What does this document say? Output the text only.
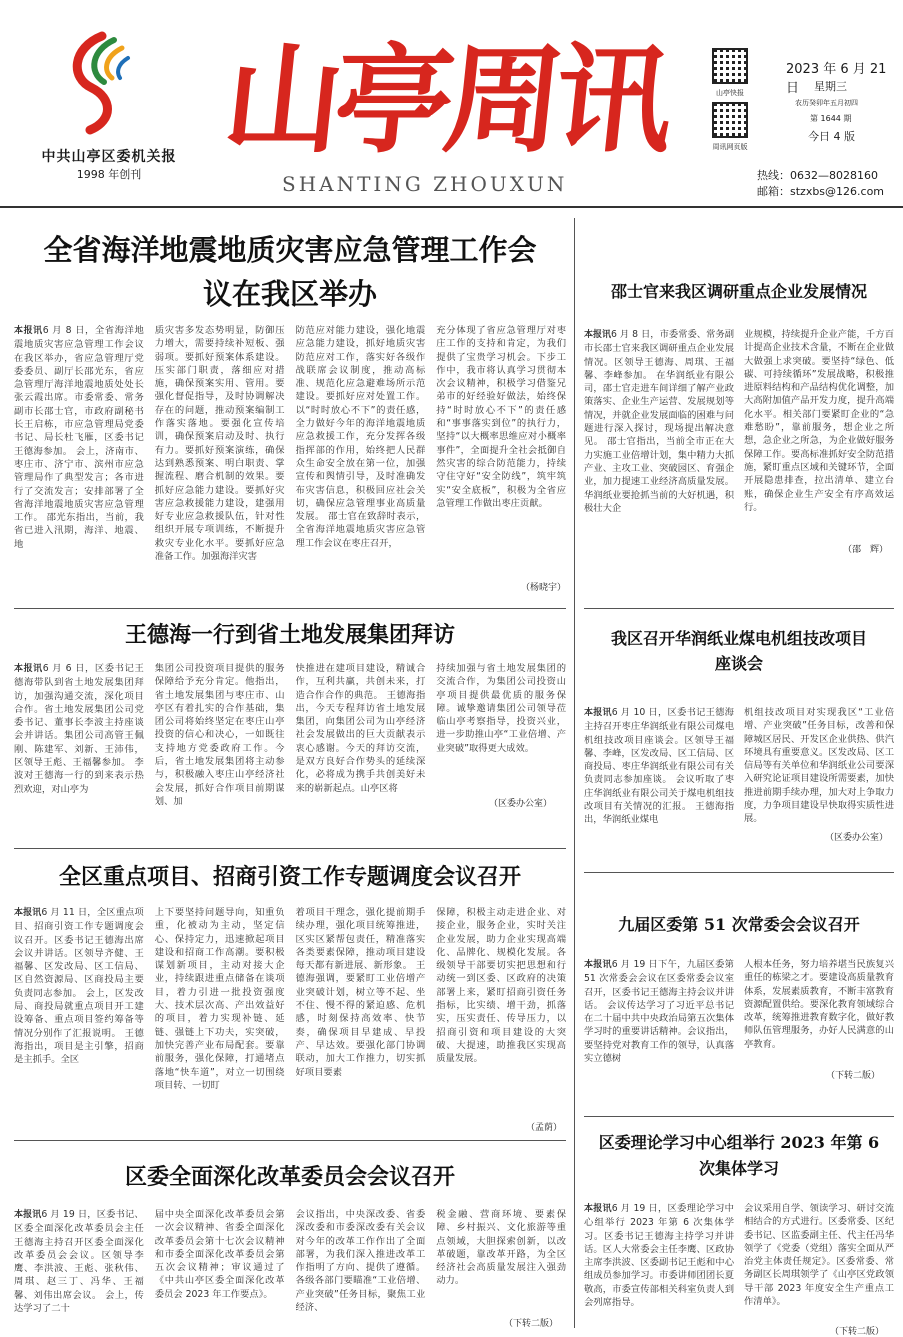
中共山亭区委机关报
1998 年创刊
山亭周讯
SHANTING ZHOUXUN
山亭快报
周讯网页版
2023 年 6 月 21 日	星期三
农历癸卯年五月初四
第 1644 期
今日 4 版
热线：0632—8028160
邮箱：stzxbs@126.com
全省海洋地震地质灾害应急管理工作会
议在我区举办
本报讯6 月 8 日，全省海洋地震地质灾害应急管理工作会议在我区举办，省应急管理厅党委委员、副厅长邵光东，省应急管理厅海洋地震地质处处长张云霞出席。市委常委、常务副市长邵士官，市政府副秘书长王启栋，市应急管理局党委书记、局长杜飞雁，区委书记王德海参加。 会上，济南市、枣庄市、济宁市、滨州市应急管理局作了典型发言；各市进行了交流发言；安排部署了全省海洋地震地质灾害应急管理工作。 邵光东指出，当前，我省已进入汛期，海洋、地震、地
质灾害多发态势明显，防御压力增大，需要持续补短板、强弱项。要抓好预案体系建设。压实部门职责，落细应对措施，确保预案实用、管用。要强化督促指导，及时协调解决存在的问题，推动预案编制工作落实落地。要强化宣传培训，确保预案启动及时、执行有力。要抓好预案演练，确保达到熟悉预案、明白职责、掌握流程、磨合机制的效果。要抓好应急能力建设。要抓好灾害应急救援能力建设，建强用好专业应急救援队伍，针对性组织开展专项训练，不断提升救灾专业化水平。要抓好应急准备工作。加强海洋灾害
防范应对能力建设，强化地震应急能力建设，抓好地质灾害防范应对工作，落实好各级作战联席会议制度，推动高标准、规范化应急避难场所示范建设。要抓好应对处置工作。以“时时放心不下”的责任感，全力做好今年的海洋地震地质应急救援工作，充分发挥各级指挥部的作用，始终把人民群众生命安全放在第一位，加强宣传和舆情引导，及时准确发布灾害信息，积极回应社会关切，确保应急管理事业高质量发展。 邵士官在致辞时表示，全省海洋地震地质灾害应急管理工作会议在枣庄召开，
充分体现了省应急管理厅对枣庄工作的支持和肯定，为我们提供了宝贵学习机会。下步工作中，我市将认真学习贯彻本次会议精神，积极学习借鉴兄弟市的好经验好做法，始终保持“时时放心不下”的责任感和“事事落实到位”的执行力，坚持“以大概率思维应对小概率事件”，全面提升全社会抵御自然灾害的综合防范能力，持续守住守好“安全防线”，筑牢筑实“安全底板”，积极为全省应急管理工作做出枣庄贡献。
（杨晓宇）
王德海一行到省土地发展集团拜访
本报讯6 月 6 日，区委书记王德海带队到省土地发展集团拜访，加强沟通交流，深化项目合作。省土地发展集团公司党委书记、董事长李波主持座谈会并讲话。集团公司高管王佩刚、陈建军、刘新、王沛伟，区领导王彪、王福馨参加。 李波对王德海一行的到来表示热烈欢迎，对山亭为
集团公司投资项目提供的服务保障给予充分肯定。他指出，省土地发展集团与枣庄市、山亭区有着扎实的合作基础，集团公司将始终坚定在枣庄山亭投资的信心和决心，一如既往支持地方党委政府工作。今后，省土地发展集团将主动参与，积极融入枣庄山亭经济社会发展，抓好合作项目前期谋划、加
快推进在建项目建设，精诚合作，互利共赢，共创未来，打造合作合作的典范。 王德海指出，今天专程拜访省土地发展集团，向集团公司为山亭经济社会发展做出的巨大贡献表示衷心感谢。今天的拜访交流，是双方良好合作势头的延续深化，必将成为携手共创美好未来的崭新起点。山亭区将
持续加强与省土地发展集团的交流合作，为集团公司投资山亭项目提供最优质的服务保障。诚挚邀请集团公司领导莅临山亭考察指导，投资兴业，进一步助推山亭“工业倍增、产业突破”取得更大成效。
（区委办公室）
全区重点项目、招商引资工作专题调度会议召开
本报讯6 月 11 日，全区重点项目、招商引资工作专题调度会议召开。区委书记王德海出席会议并讲话。区领导齐健、王福馨、区发改局、区工信局、区自然资源局、区商投局主要负责同志参加。 会上，区发改局、商投局就重点项目开工建设筹备、重点项目签约筹备等情况分别作了汇报说明。 王德海指出，项目是主引擎，招商是主抓手。全区
上下要坚持问题导向，知重负重，化被动为主动，坚定信心、保持定力，迅速掀起项目建设和招商工作高潮。要积极谋划新项目，主动对接大企业，持续跟进重点储备在谈项目，着力引进一批投资强度大、技术层次高、产出效益好的项目，着力实现补链、延链、强链上下功夫，实突破，加快完善产业布局配套。要靠前服务，强化保障，打通堵点落地“快车道”，对立一切围绕项目转、一切盯
着项目干理念，强化提前期手续办理，强化项目统筹推进，区实区紧帮包责任，精准落实各类要素保障，推动项目建设每天都有新进展、新形象。 王德海强调，要紧盯工业倍增产业突破计划，树立等不起、坐不住、慢不得的紧迫感、危机感，时刻保持高效率、快节奏，确保项目早建成、早投产、早达效。要强化部门协调联动，加大工作推力，切实抓好项目要素
保障，积极主动走进企业、对接企业，服务企业，实时关注企业发展，助力企业实现高端化、品牌化、规模化发展。各级领导干部要切实把思想和行动统一到区委、区政府的决策部署上来，紧盯招商引资任务指标，比实绩、增干劲，抓落实，压实责任、传导压力，以招商引资和项目建设的大突破、大提速，助推我区实现高质量发展。
（孟荫）
区委全面深化改革委员会会议召开
本报讯6 月 19 日，区委书记、区委全面深化改革委员会主任王德海主持召开区委全面深化改革委员会会议。区领导李鹰、李洪波、王彪、张秋伟、周琪、赵三丁、冯华、王福馨、刘伟出席会议。 会上，传达学习了二十
届中央全面深化改革委员会第一次会议精神、省委全面深化改革委员会第十七次会议精神和市委全面深化改革委员会第五次会议精神；审议通过了《中共山亭区委全面深化改革委员会 2023 年工作要点》。
会议指出，中央深改委、省委深改委和市委深改委有关会议对今年的改革工作作出了全面部署，为我们深入推进改革工作指明了方向、提供了遵循。各级各部门要瞄准“工业倍增、产业突破”任务目标，聚焦工业经济、
税金融、营商环境、要素保障、乡村振兴、文化旅游等重点领域，大胆探索创新，以改革破题，靠改革开路，为全区经济社会高质量发展注入强劲动力。
（下转二版）
邵士官来我区调研重点企业发展情况
本报讯6 月 8 日，市委常委、常务副市长邵士官来我区调研重点企业发展情况。区领导王德海、周琪、王福馨、李峰参加。 在华润纸业有限公司，邵士官走进车间详细了解产业政策落实、企业生产运营、发展规划等情况，并就企业发展面临的困难与问题进行深入探讨，现场提出解决意见。 邵士官指出，当前全市正在大力实施工业倍增计划，集中精力大抓产业、主攻工业、突破园区、育强企业，加力提速工业经济高质量发展。华润纸业要抢抓当前的大好机遇，积极壮大企
业规模，持续提升企业产能，千方百计提高企业技术含量，不断在企业做大做强上求突破。要坚持“绿色、低碳、可持续循环”发展战略，积极推进原料结构和产品结构优化调整，加大高附加值产品开发力度，提升高端化水平。相关部门要紧盯企业的“急难愁盼”，靠前服务，想企业之所想，急企业之所急，为企业做好服务保障工作。要高标准抓好安全防范措施，紧盯重点区域和关键环节，全面开展隐患排查，拉出清单、建立台账，确保企业生产安全有序高效运行。
（邵　辉）
我区召开华润纸业煤电机组技改项目
座谈会
本报讯6 月 10 日，区委书记王德海主持召开枣庄华润纸业有限公司煤电机组技改项目座谈会。区领导王福馨、李峰，区发改局、区工信局、区商投局、枣庄华润纸业有限公司有关负责同志参加座谈。 会议听取了枣庄华润纸业有限公司关于煤电机组技改项目有关情况的汇报。 王德海指出，华润纸业煤电
机组技改项目对实现我区“工业倍增、产业突破”任务目标，改善和保障城区居民、开发区企业供热、供汽环境具有重要意义。区发改局、区工信局等有关单位和华润纸业公司要深入研究论证项目建设所需要素，加快推进前期手续办理，加大对上争取力度，力争项目建设早快取得实质性进展。
（区委办公室）
九届区委第 51 次常委会会议召开
本报讯6 月 19 日下午，九届区委第 51 次常委会会议在区委常委会议室召开，区委书记王德海主持会议并讲话。 会议传达学习了习近平总书记在二十届中共中央政治局第五次集体学习时的重要讲话精神。会议指出，要坚持党对教育工作的领导，认真落实立德树
人根本任务，努力培养堪当民族复兴重任的栋梁之才。要建设高质量教育体系，发展素质教育，不断丰富教育资源配置供给。要深化教育领域综合改革，统筹推进教育数字化，做好教师队伍管理服务，办好人民满意的山亭教育。
（下转二版）
区委理论学习中心组举行 2023 年第 6
次集体学习
本报讯6 月 19 日，区委理论学习中心组举行 2023 年第 6 次集体学习。区委书记王德海主持学习并讲话。区人大常委会主任李鹰、区政协主席李洪波、区委副书记王彪和中心组成员参加学习。市委讲师团团长夏敬高，市委宣传部相关科室负责人到会列席指导。
会议采用自学、领读学习、研讨交流相结合的方式进行。区委常委、区纪委书记、区监委副主任、代主任冯华领学了《党委（党组）落实全面从严治党主体责任规定》。区委常委、常务副区长周琪领学了《山亭区党政领导干部 2023 年度安全生产重点工作清单》。
（下转二版）
